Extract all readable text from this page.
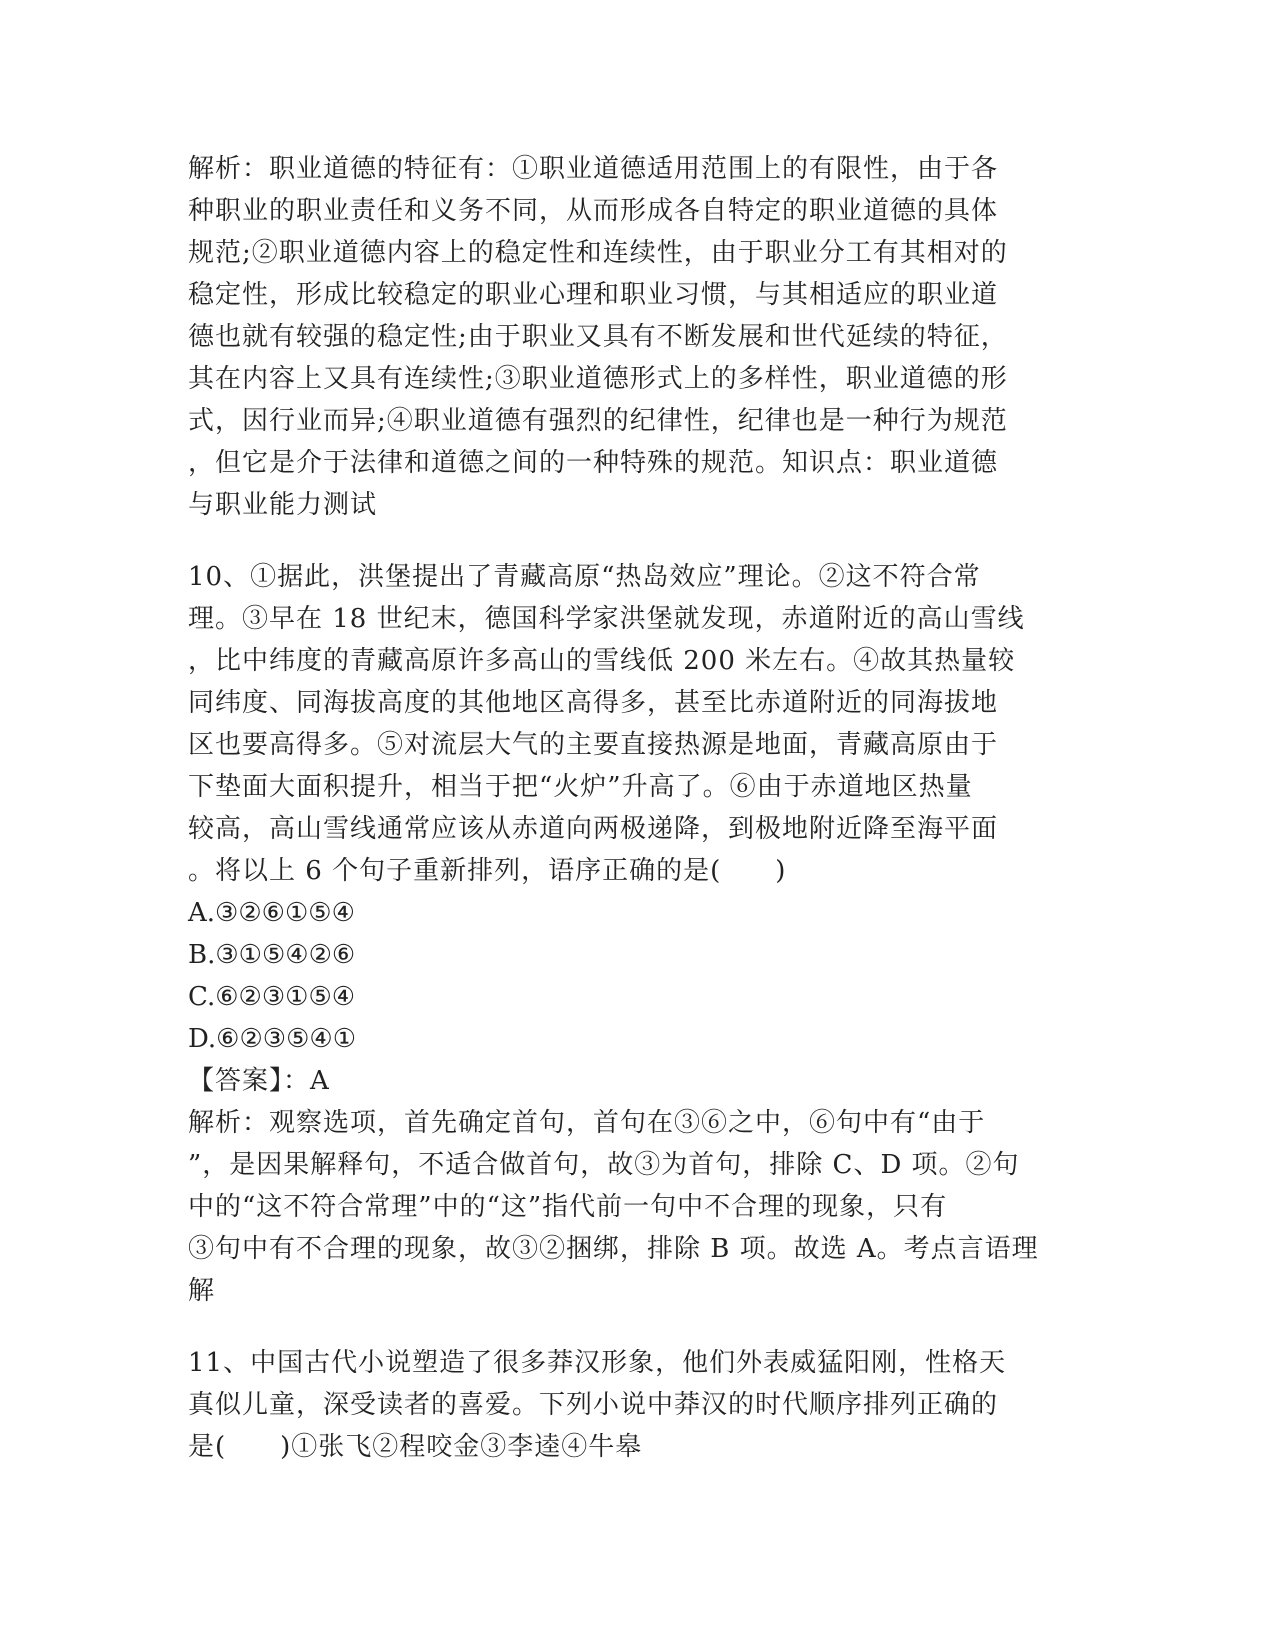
解析：职业道德的特征有：①职业道德适用范围上的有限性，由于各
种职业的职业责任和义务不同，从而形成各自特定的职业道德的具体
规范;②职业道德内容上的稳定性和连续性，由于职业分工有其相对的
稳定性，形成比较稳定的职业心理和职业习惯，与其相适应的职业道
德也就有较强的稳定性;由于职业又具有不断发展和世代延续的特征，
其在内容上又具有连续性;③职业道德形式上的多样性，职业道德的形
式，因行业而异;④职业道德有强烈的纪律性，纪律也是一种行为规范
，但它是介于法律和道德之间的一种特殊的规范。知识点：职业道德
与职业能力测试
10、①据此，洪堡提出了青藏高原“热岛效应”理论。②这不符合常
理。③早在 18 世纪末，德国科学家洪堡就发现，赤道附近的高山雪线
，比中纬度的青藏高原许多高山的雪线低 200 米左右。④故其热量较
同纬度、同海拔高度的其他地区高得多，甚至比赤道附近的同海拔地
区也要高得多。⑤对流层大气的主要直接热源是地面，青藏高原由于
下垫面大面积提升，相当于把“火炉”升高了。⑥由于赤道地区热量
较高，高山雪线通常应该从赤道向两极递降，到极地附近降至海平面
。将以上 6 个句子重新排列，语序正确的是(　　)
A.③②⑥①⑤④
B.③①⑤④②⑥
C.⑥②③①⑤④
D.⑥②③⑤④①
【答案】：A
解析：观察选项，首先确定首句，首句在③⑥之中，⑥句中有“由于
”，是因果解释句，不适合做首句，故③为首句，排除 C、D 项。②句
中的“这不符合常理”中的“这”指代前一句中不合理的现象，只有
③句中有不合理的现象，故③②捆绑，排除 B 项。故选 A。考点言语理
解
11、中国古代小说塑造了很多莽汉形象，他们外表威猛阳刚，性格天
真似儿童，深受读者的喜爱。下列小说中莽汉的时代顺序排列正确的
是(　　)①张飞②程咬金③李逵④牛皋
